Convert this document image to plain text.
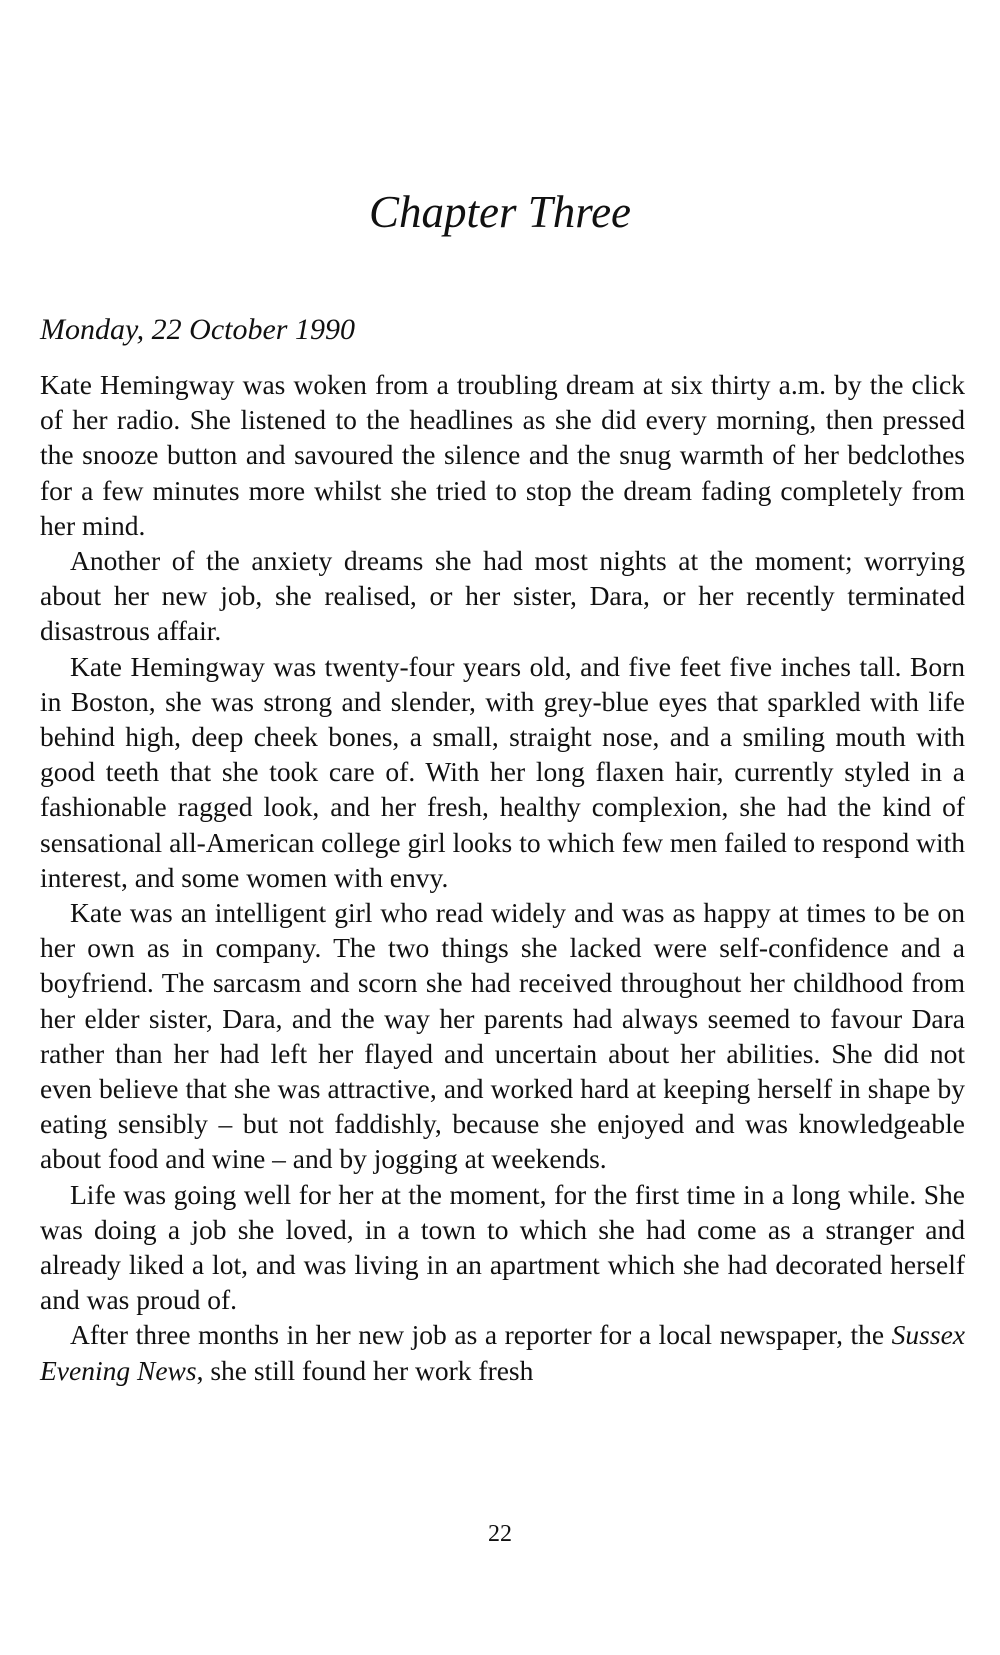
Chapter Three

Monday, 22 October 1990

Kate Hemingway was woken from a troubling dream at six thirty a.m. by the click of her radio. She listened to the headlines as she did every morning, then pressed the snooze button and savoured the silence and the snug warmth of her bedclothes for a few minutes more whilst she tried to stop the dream fading completely from her mind.

Another of the anxiety dreams she had most nights at the moment; worrying about her new job, she realised, or her sister, Dara, or her recently terminated disastrous affair.

Kate Hemingway was twenty-four years old, and five feet five inches tall. Born in Boston, she was strong and slender, with grey-blue eyes that sparkled with life behind high, deep cheek bones, a small, straight nose, and a smiling mouth with good teeth that she took care of. With her long flaxen hair, currently styled in a fashionable ragged look, and her fresh, healthy complexion, she had the kind of sensational all-American college girl looks to which few men failed to respond with interest, and some women with envy.

Kate was an intelligent girl who read widely and was as happy at times to be on her own as in company. The two things she lacked were self-confidence and a boyfriend. The sarcasm and scorn she had received throughout her childhood from her elder sister, Dara, and the way her parents had always seemed to favour Dara rather than her had left her flayed and uncertain about her abilities. She did not even believe that she was attractive, and worked hard at keeping herself in shape by eating sensibly – but not faddishly, because she enjoyed and was knowledgeable about food and wine – and by jogging at weekends.

Life was going well for her at the moment, for the first time in a long while. She was doing a job she loved, in a town to which she had come as a stranger and already liked a lot, and was living in an apartment which she had decorated herself and was proud of.

After three months in her new job as a reporter for a local newspaper, the Sussex Evening News, she still found her work fresh

22
